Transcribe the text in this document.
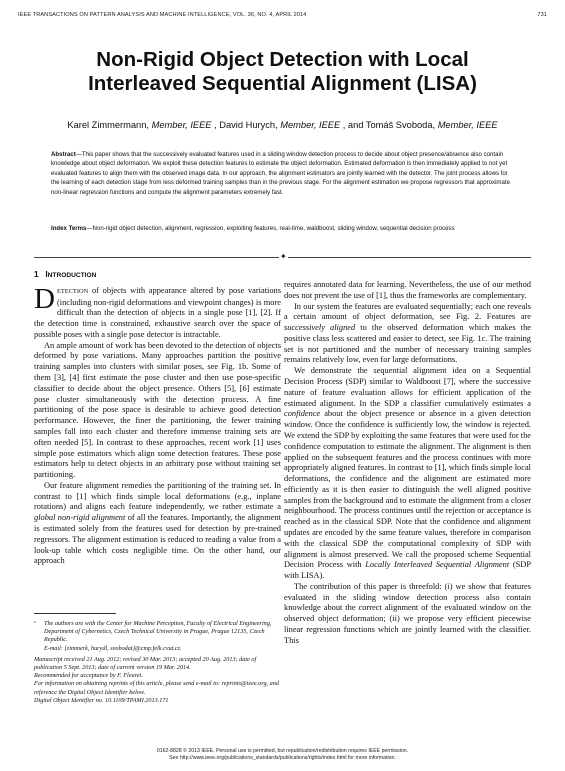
IEEE TRANSACTIONS ON PATTERN ANALYSIS AND MACHINE INTELLIGENCE, VOL. 36, NO. 4, APRIL 2014	731
Non-Rigid Object Detection with Local
Interleaved Sequential Alignment (LISA)
Karel Zimmermann, Member, IEEE , David Hurych, Member, IEEE , and Tomáš Svoboda, Member, IEEE
Abstract—This paper shows that the successively evaluated features used in a sliding window detection process to decide about object presence/absence also contain knowledge about object deformation. We exploit these detection features to estimate the object deformation. Estimated deformation is then immediately applied to not yet evaluated features to align them with the observed image data. In our approach, the alignment estimators are jointly learned with the detector. The joint process allows for the learning of each detection stage from less deformed training samples than in the previous stage. For the alignment estimation we propose regressors that approximate non-linear regression functions and compute the alignment parameters extremely fast.
Index Terms—Non-rigid object detection, alignment, regression, exploiting features, real-time, waldboost, sliding window, sequential decision process
✦
1 INTRODUCTION

DETECTION of objects with appearance altered by pose variations (including non-rigid deformations and viewpoint changes) is more difficult than the detection of objects in a single pose [1], [2]. If the detection time is constrained, exhaustive search over the space of possible poses with a single pose detector is intractable.

An ample amount of work has been devoted to the detection of objects deformed by pose variations. Many approaches partition the positive training samples into clusters with similar poses, see Fig. 1b. Some of them [3], [4] first estimate the pose cluster and then use pose-specific classifier to decide about the object presence. Others [5], [6] estimate pose cluster simultaneously with the detection process. A fine partitioning of the pose space is desirable to achieve good detection performance. However, the finer the partitioning, the fewer training samples fall into each cluster and therefore immense training sets are often needed [5]. In contrast to these approaches, recent work [1] uses simple pose estimators which align some detection features. These pose estimators help to detect objects in an arbitrary pose without training set partitioning.

Our feature alignment remedies the partitioning of the training set. In contrast to [1] which finds simple local deformations (e.g., inplane rotations) and aligns each feature independently, we rather estimate a global non-rigid alignment of all the features. Importantly, the alignment is estimated solely from the features used for detection by pre-trained regressors. The alignment estimation is reduced to reading a value from a look-up table which costs negligible time. On the other hand, our approach

•	The authors are with the Center for Machine Perception, Faculty of Electrical Engineering, Department of Cybernetics, Czech Technical University in Prague, Prague 12135, Czech Republic.
E-mail: {zimmerk, hurydl, svobodat}@cmp.felk.cvut.cz.
Manuscript received 21 Aug. 2012; revised 30 Mar. 2013; accepted 20 Aug. 2013; date of publication 5 Sept. 2013; date of current version 19 Mar. 2014.
Recommended for acceptance by F. Fleuret.
For information on obtaining reprints of this article, please send e-mail to: reprints@ieee.org, and reference the Digital Object Identifier below.
Digital Object Identifier no. 10.1109/TPAMI.2013.171

requires annotated data for learning. Nevertheless, the use of our method does not prevent the use of [1], thus the frameworks are complementary.

In our system the features are evaluated sequentially; each one reveals a certain amount of object deformation, see Fig. 2. Features are successively aligned to the observed deformation which makes the positive class less scattered and easier to detect, see Fig. 1c. The training set is not partitioned and the number of necessary training samples remains relatively low, even for large deformations.

We demonstrate the sequential alignment idea on a Sequential Decision Process (SDP) similar to Waldboost [7], where the successive nature of feature evaluation allows for efficient application of the estimated alignment. In the SDP a classifier cumulatively estimates a confidence about the object presence or absence in a given detection window. Once the confidence is sufficiently low, the window is rejected. We extend the SDP by exploiting the same features that were used for the confidence computation to estimate the alignment. The alignment is then applied on the subsequent features and the process continues with more appropriately aligned features. In contrast to [1], which finds simple local deformations, the confidence and the alignment are estimated more efficiently as it is then easier to distinguish the well aligned positive samples from the background and to estimate the alignment from a closer neighbourhood. The process continues until the rejection or acceptance is reached as in the classical SDP. Note that the confidence and alignment updates are encoded by the same feature values, therefore in comparison with the classical SDP the computational complexity of SDP with alignment is almost preserved. We call the proposed scheme Sequential Decision Process with Locally Interleaved Sequential Alignment (SDP with LISA).

The contribution of this paper is threefold: (i) we show that features evaluated in the sliding window detection process also contain knowledge about the correct alignment of the evaluated window on the observed object deformation; (ii) we propose very efficient piecewise linear regression functions which are jointly learned with the classifier. This

0162-8828 © 2013 IEEE. Personal use is permitted, but republication/redistribution requires IEEE permission.
See http://www.ieee.org/publications_standards/publications/rights/index.html for more information.
